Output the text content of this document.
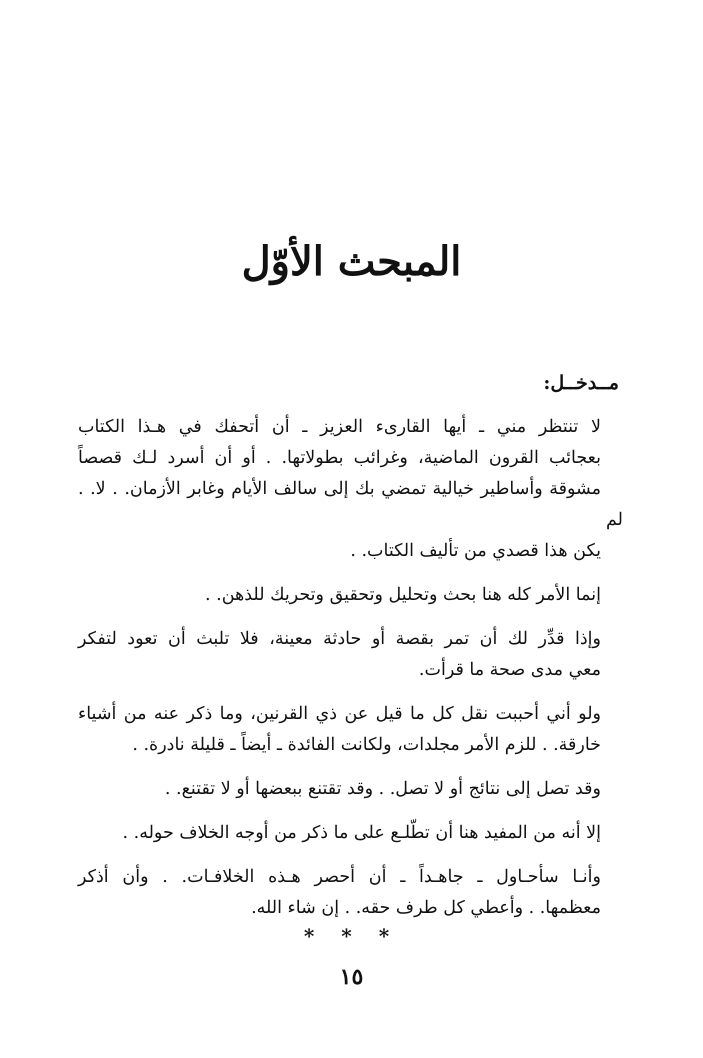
المبحث الأوّل
مــدخــل:

لا تنتظر مني ـ أيها القارىء العزيز ـ أن أتحفك في هـذا الكتاب
بعجائب القرون الماضية، وغرائب بطولاتها. . أو أن أسرد لـك قصصاً
مشوقة وأساطير خيالية تمضي بك إلى سالف الأيام وغابر الأزمان. . لا. . لم
يكن هذا قصدي من تأليف الكتاب. .

إنما الأمر كله هنا بحث وتحليل وتحقيق وتحريك للذهن. .

وإذا قدِّر لك أن تمر بقصة أو حادثة معينة، فلا تلبث أن تعود لتفكر
معي مدى صحة ما قرأت.

ولو أني أحببت نقل كل ما قيل عن ذي القرنين، وما ذكر عنه من أشياء
خارقة. . للزم الأمر مجلدات، ولكانت الفائدة ـ أيضاً ـ قليلة نادرة. .

وقد تصل إلى نتائج أو لا تصل. . وقد تقتنع ببعضها أو لا تقتنع. .

إلا أنه من المفيد هنا أن تطّلـع على ما ذكر من أوجه الخلاف حوله. .

وأنـا سأحـاول ـ جاهـداً ـ أن أحصر هـذه الخلافـات. . وأن أذكر
معظمها. . وأعطي كل طرف حقه. . إن شاء الله.

* * *
١٥
